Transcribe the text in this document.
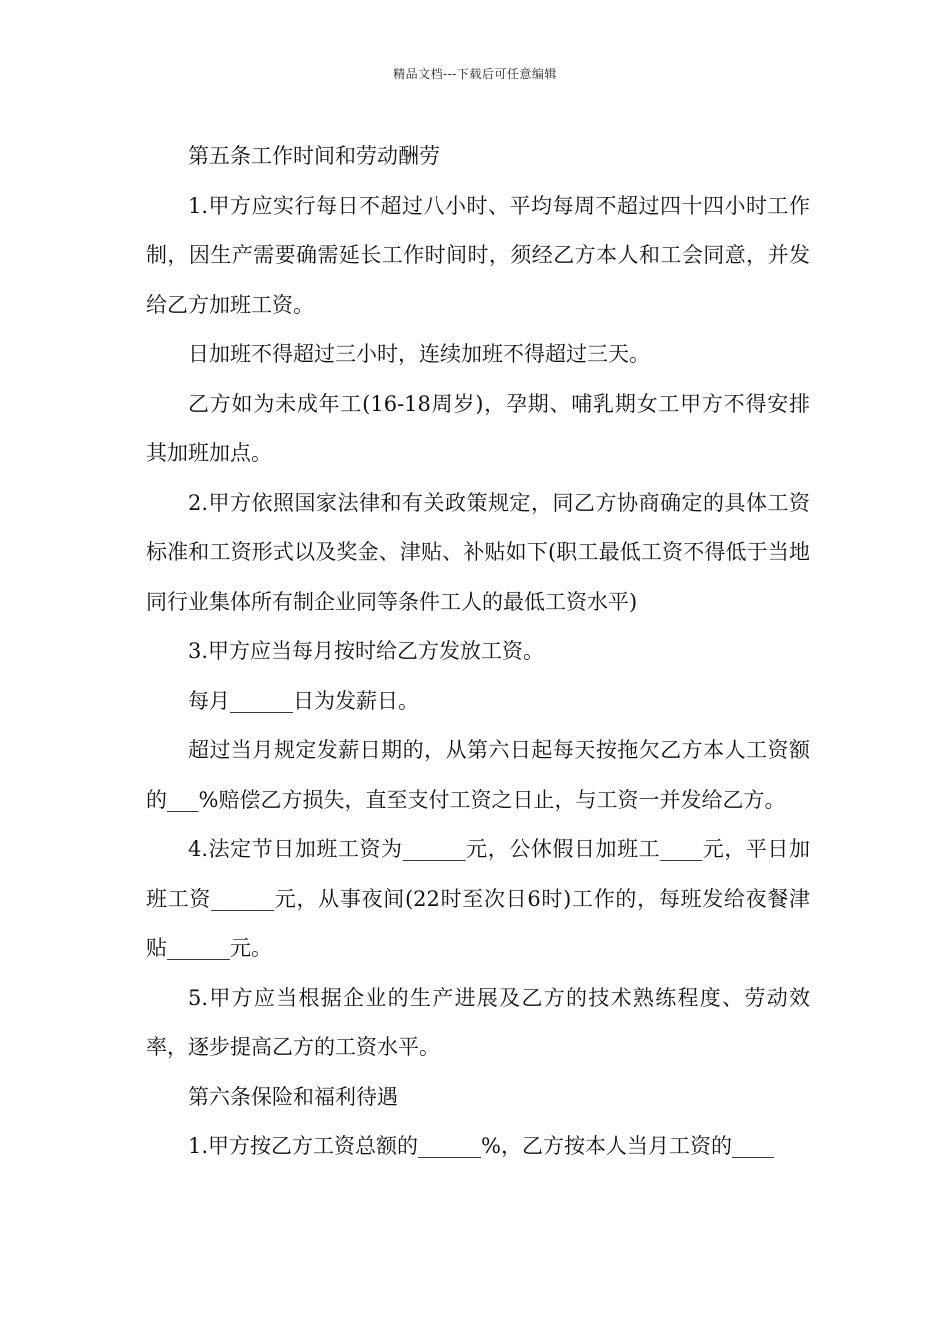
精品文档---下载后可任意编辑

第五条工作时间和劳动酬劳

1.甲方应实行每日不超过八小时、平均每周不超过四十四小时工作制，因生产需要确需延长工作时间时，须经乙方本人和工会同意，并发给乙方加班工资。

日加班不得超过三小时，连续加班不得超过三天。

乙方如为未成年工(16-18周岁)，孕期、哺乳期女工甲方不得安排其加班加点。

2.甲方依照国家法律和有关政策规定，同乙方协商确定的具体工资标准和工资形式以及奖金、津贴、补贴如下(职工最低工资不得低于当地同行业集体所有制企业同等条件工人的最低工资水平)

3.甲方应当每月按时给乙方发放工资。

每月______日为发薪日。

超过当月规定发薪日期的，从第六日起每天按拖欠乙方本人工资额的___%赔偿乙方损失，直至支付工资之日止，与工资一并发给乙方。

4.法定节日加班工资为______元，公休假日加班工____元，平日加班工资______元，从事夜间(22时至次日6时)工作的，每班发给夜餐津贴______元。

5.甲方应当根据企业的生产进展及乙方的技术熟练程度、劳动效率，逐步提高乙方的工资水平。

第六条保险和福利待遇

1.甲方按乙方工资总额的______%，乙方按本人当月工资的____
